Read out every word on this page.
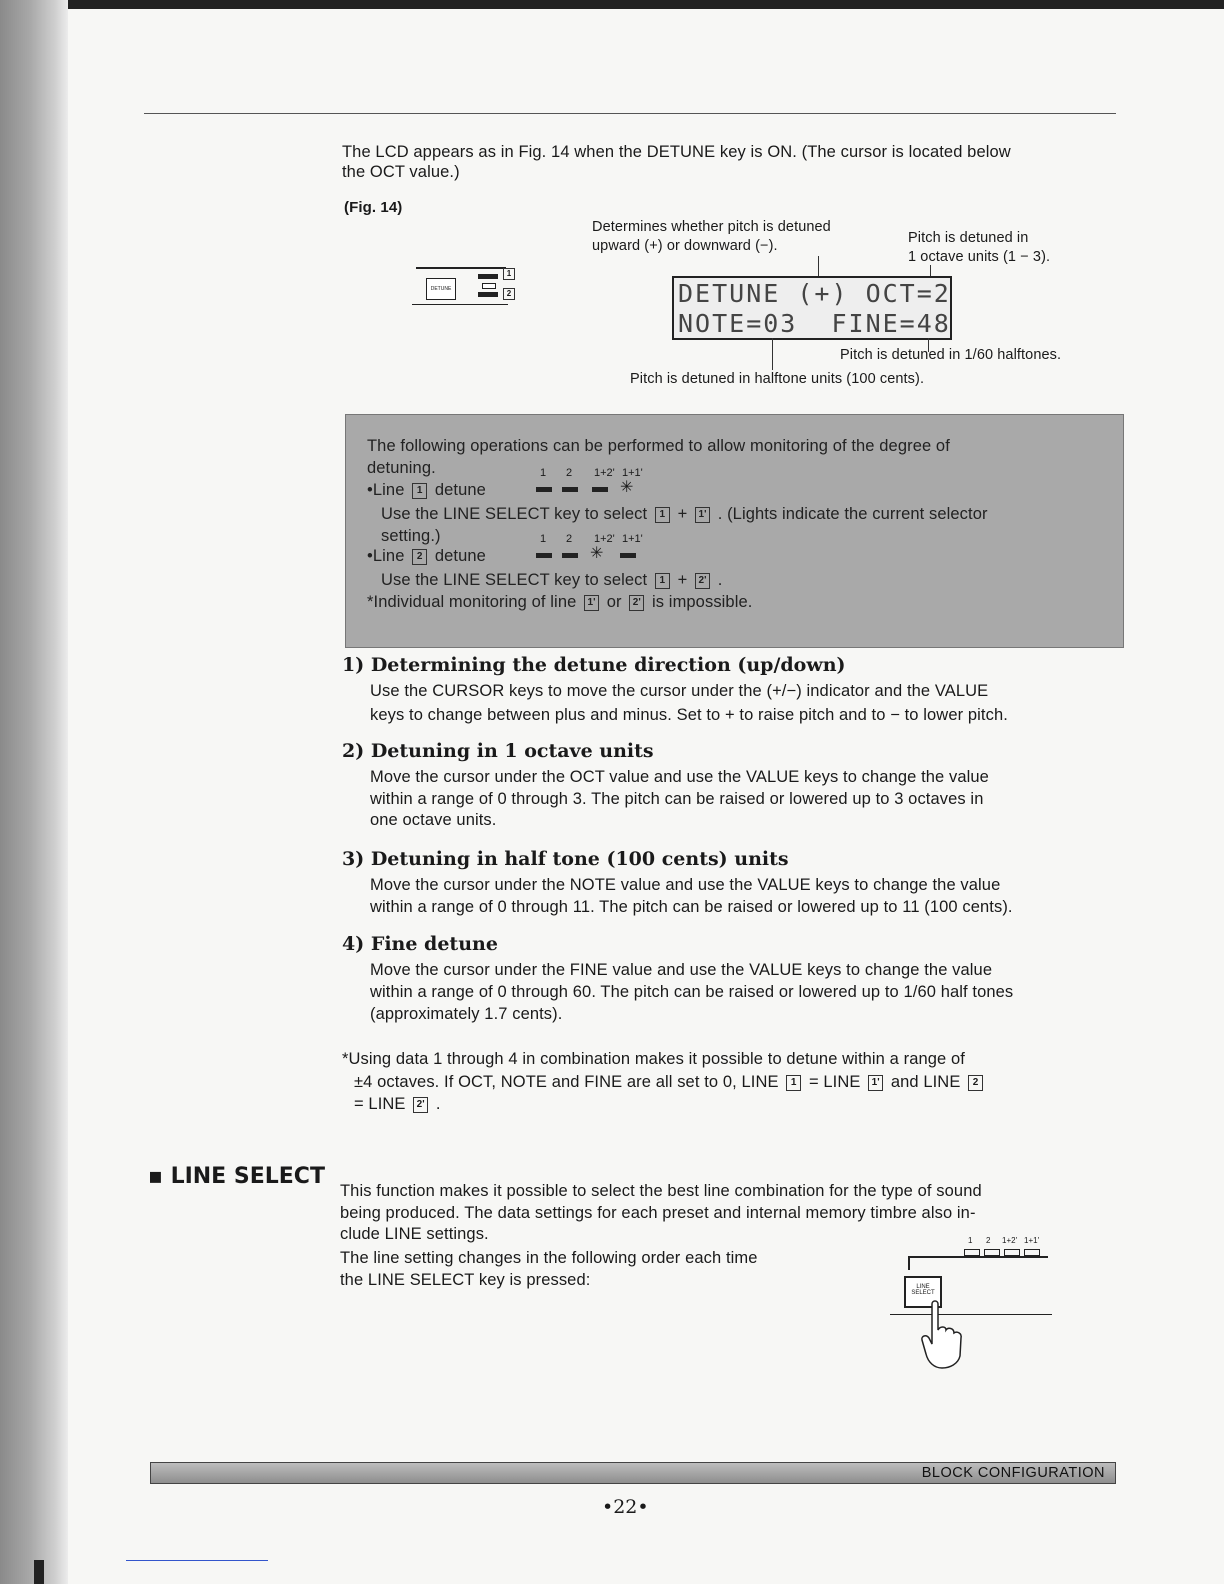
The LCD appears as in Fig. 14 when the DETUNE key is ON. (The cursor is located below
the OCT value.)
(Fig. 14)
DETUNE
1
2
Determines whether pitch is detuned
upward (+) or downward (−).	Pitch is detuned in
1 octave units (1 − 3).
DETUNE (+) OCT=2
NOTE=03  FINE=48
Pitch is detuned in 1/60 halftones.
Pitch is detuned in halftone units (100 cents).
The following operations can be performed to allow monitoring of the degree of
detuning.
•Line 1 detune
1 2 1+2' 1+1'
✳
Use the LINE SELECT key to select 1 + 1' . (Lights indicate the current selector
setting.)
•Line 2 detune
1 2 1+2' 1+1'
✳
Use the LINE SELECT key to select 1 + 2' .
*Individual monitoring of line 1' or 2' is impossible.
1) Determining the detune direction (up/down)
Use the CURSOR keys to move the cursor under the (+/−) indicator and the VALUE
keys to change between plus and minus. Set to + to raise pitch and to − to lower pitch.
2) Detuning in 1 octave units
Move the cursor under the OCT value and use the VALUE keys to change the value
within a range of 0 through 3. The pitch can be raised or lowered up to 3 octaves in
one octave units.
3) Detuning in half tone (100 cents) units
Move the cursor under the NOTE value and use the VALUE keys to change the value
within a range of 0 through 11. The pitch can be raised or lowered up to 11 (100 cents).
4) Fine detune
Move the cursor under the FINE value and use the VALUE keys to change the value
within a range of 0 through 60. The pitch can be raised or lowered up to 1/60 half tones
(approximately 1.7 cents).
*Using data 1 through 4 in combination makes it possible to detune within a range of
±4 octaves. If OCT, NOTE and FINE are all set to 0, LINE 1 = LINE 1' and LINE 2
= LINE 2' .
▪ LINE SELECT
This function makes it possible to select the best line combination for the type of sound
being produced. The data settings for each preset and internal memory timbre also in-
clude LINE settings.
The line setting changes in the following order each time
the LINE SELECT key is pressed:
1 2 1+2' 1+1'
LINE
SELECT
BLOCK CONFIGURATION
•22•
